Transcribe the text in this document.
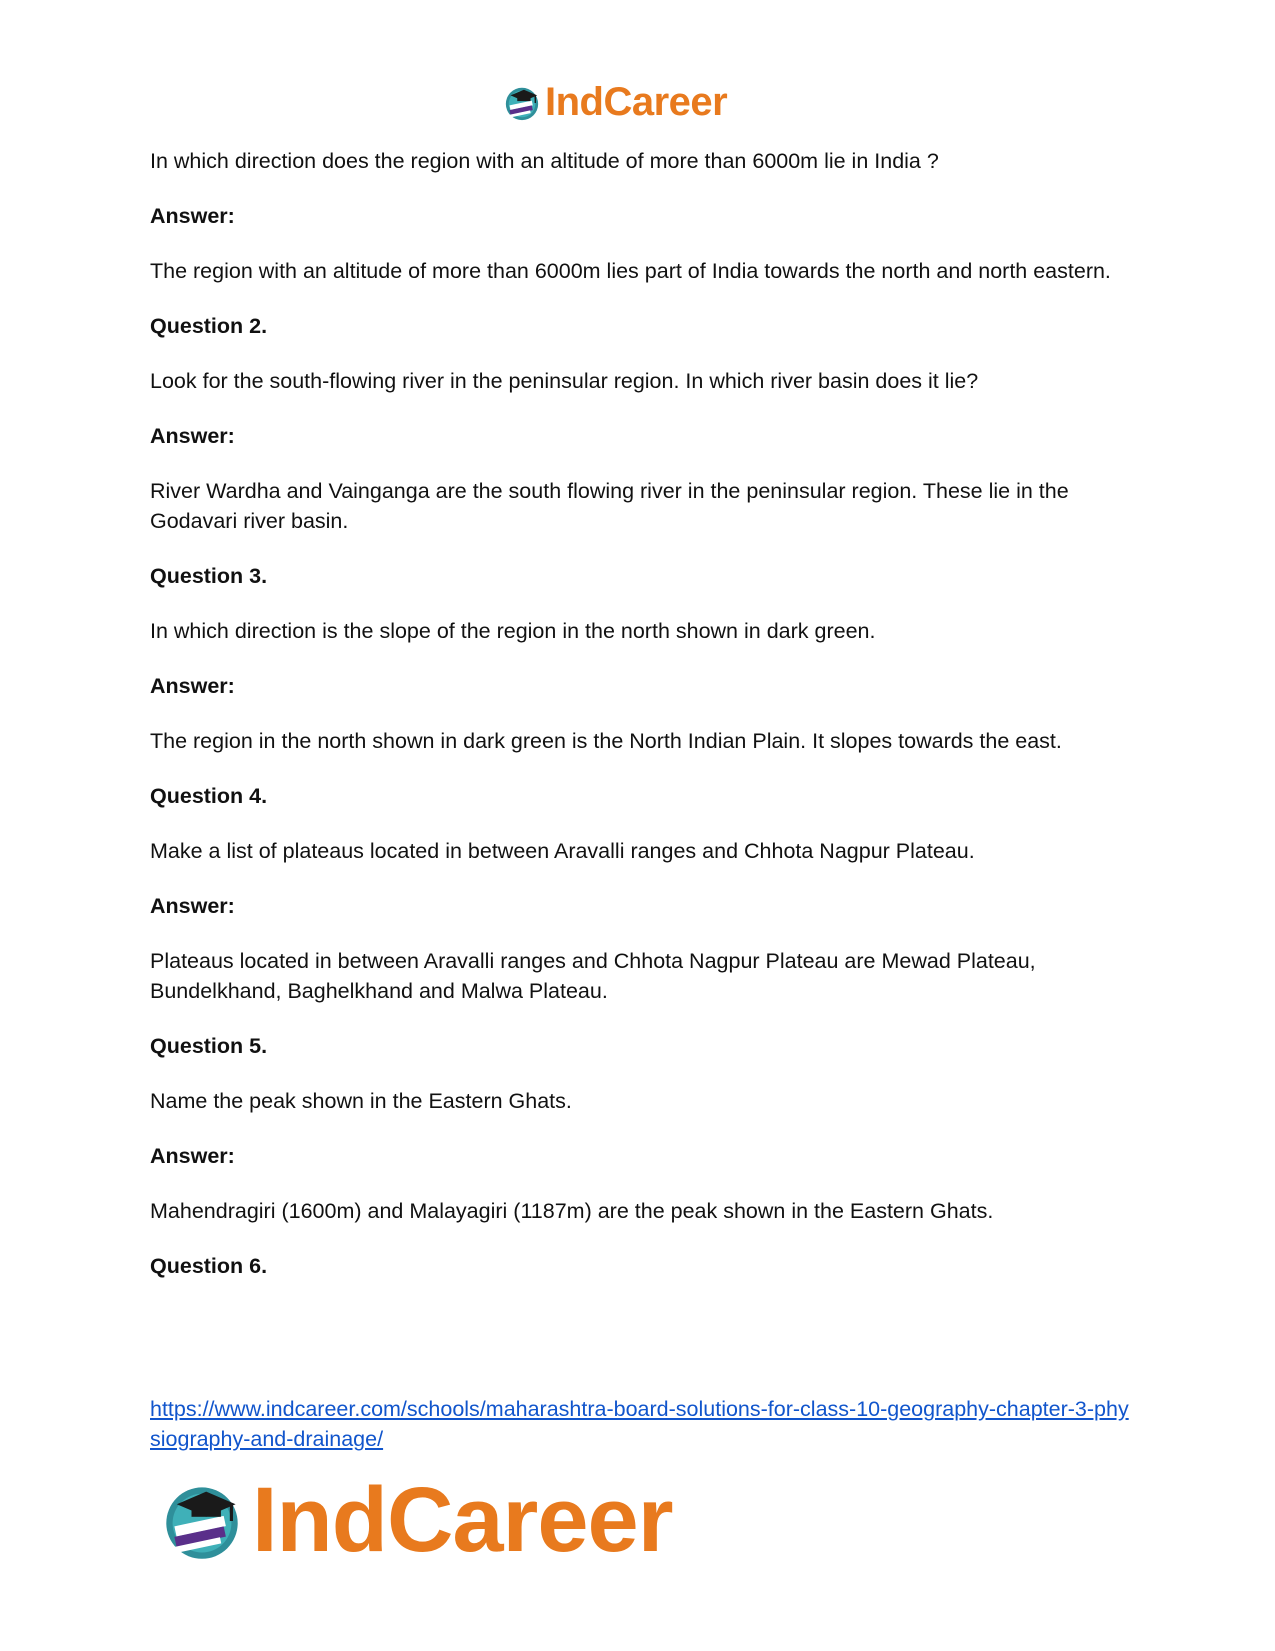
IndCareer

In which direction does the region with an altitude of more than 6000m lie in India ?

Answer:

The region with an altitude of more than 6000m lies part of India towards the north and north eastern.

Question 2.

Look for the south-flowing river in the peninsular region. In which river basin does it lie?

Answer:

River Wardha and Vainganga are the south flowing river in the peninsular region. These lie in the Godavari river basin.

Question 3.

In which direction is the slope of the region in the north shown in dark green.

Answer:

The region in the north shown in dark green is the North Indian Plain. It slopes towards the east.

Question 4.

Make a list of plateaus located in between Aravalli ranges and Chhota Nagpur Plateau.

Answer:

Plateaus located in between Aravalli ranges and Chhota Nagpur Plateau are Mewad Plateau, Bundelkhand, Baghelkhand and Malwa Plateau.

Question 5.

Name the peak shown in the Eastern Ghats.

Answer:

Mahendragiri (1600m) and Malayagiri (1187m) are the peak shown in the Eastern Ghats.

Question 6.

https://www.indcareer.com/schools/maharashtra-board-solutions-for-class-10-geography-chapter-3-physiography-and-drainage/
IndCareer
